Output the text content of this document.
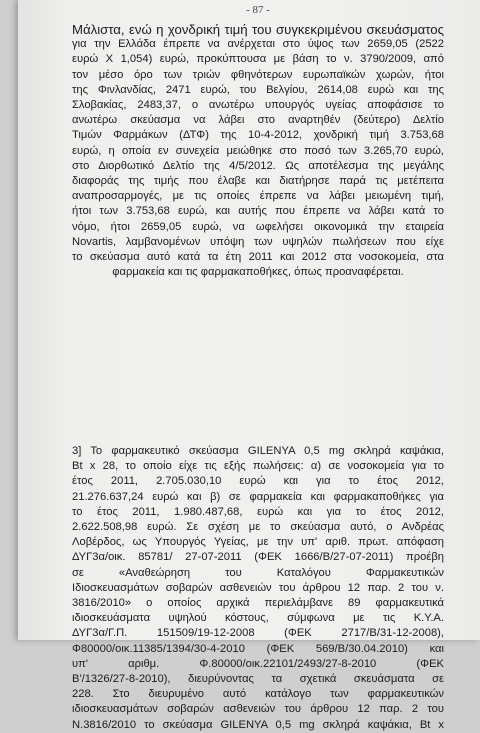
- 87 -
Μάλιστα, ενώ η χονδρική τιμή του συγκεκριμένου σκευάσματος
για την Ελλάδα έπρεπε να ανέρχεται στο ύψος των 2659,05 (2522
ευρώ Χ 1,054) ευρώ, προκύπτουσα με βάση το ν. 3790/2009, από
τον μέσο όρο των τριών φθηνότερων ευρωπαϊκών χωρών, ήτοι
της Φινλανδίας, 2471 ευρώ, του Βελγίου, 2614,08 ευρώ και της
Σλοβακίας, 2483,37, ο ανωτέρω υπουργός υγείας αποφάσισε το
ανωτέρω σκεύασμα να λάβει στο αναρτηθέν (δεύτερο) Δελτίο
Τιμών Φαρμάκων (ΔΤΦ) της 10-4-2012, χονδρική τιμή 3.753,68
ευρώ, η οποία εν συνεχεία μειώθηκε στο ποσό των 3.265,70 ευρώ,
στο Διορθωτικό Δελτίο της 4/5/2012. Ως αποτέλεσμα της μεγάλης
διαφοράς της τιμής που έλαβε και διατήρησε παρά τις μετέπειτα
αναπροσαρμογές, με τις οποίες έπρεπε να λάβει μειωμένη τιμή,
ήτοι των 3.753,68 ευρώ, και αυτής που έπρεπε να λάβει κατά το
νόμο, ήτοι 2659,05 ευρώ, να ωφελήσει οικονομικά την εταιρεία
Novartis, λαμβανομένων υπόψη των υψηλών πωλήσεων που είχε
το σκεύασμα αυτό κατά τα έτη 2011 και 2012 στα νοσοκομεία, στα
φαρμακεία και τις φαρμακαποθήκες, όπως προαναφέρεται.
3] Το φαρμακευτικό σκεύασμα GILENYA 0,5 mg σκληρά καψάκια,
Bt x 28, το οποίο είχε τις εξής πωλήσεις: α) σε νοσοκομεία για το
έτος 2011, 2.705.030,10 ευρώ και για το έτος 2012,
21.276.637,24 ευρώ και β) σε φαρμακεία και φαρμακαποθήκες για
το έτος 2011, 1.980.487,68, ευρώ και για το έτος 2012,
2.622.508,98 ευρώ. Σε σχέση με το σκεύασμα αυτό, ο Ανδρέας
Λοβέρδος, ως Υπουργός Υγείας, με την υπ' αριθ. πρωτ. απόφαση
ΔΥΓ3α/οικ. 85781/ 27-07-2011 (ΦΕΚ 1666/Β/27-07-2011) προέβη
σε «Αναθεώρηση του Καταλόγου Φαρμακευτικών
Ιδιοσκευασμάτων σοβαρών ασθενειών του άρθρου 12 παρ. 2 του ν.
3816/2010» ο οποίος αρχικά περιελάμβανε 89 φαρμακευτικά
ιδιοσκευάσματα υψηλού κόστους, σύμφωνα με τις Κ.Υ.Α.
ΔΥΓ3α/Γ.Π. 151509/19-12-2008 (ΦΕΚ 2717/Β/31-12-2008),
Φ80000/οικ.11385/1394/30-4-2010 (ΦΕΚ 569/Β/30.04.2010) και
υπ' αριθμ. Φ.80000/οικ.22101/2493/27-8-2010 (ΦΕΚ
Β'/1326/27-8-2010), διευρύνοντας τα σχετικά σκευάσματα σε
228. Στο διευρυμένο αυτό κατάλογο των φαρμακευτικών
ιδιοσκευασμάτων σοβαρών ασθενειών του άρθρου 12 παρ. 2 του
Ν.3816/2010 το σκεύασμα GILENYA 0,5 mg σκληρά καψάκια, Bt x
